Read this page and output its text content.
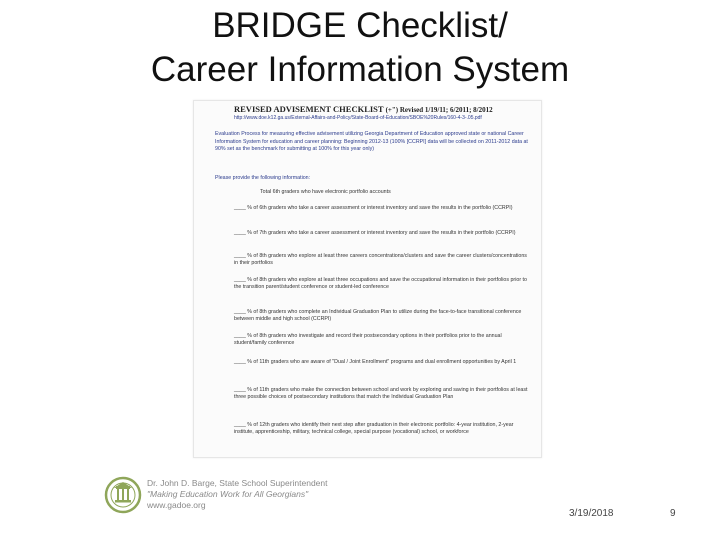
BRIDGE Checklist/
Career Information System
REVISED ADVISEMENT CHECKLIST (+") Revised 1/19/11; 6/2011; 8/2012
http://www.doe.k12.ga.us/External-Affairs-and-Policy/State-Board-of-Education/SBOE%20Rules/160-4-3-.05.pdf
Evaluation Process for measuring effective advisement utilizing Georgia Department of Education approved state or national Career Information System for education and career planning: Beginning 2012-13 (100% [CCRPI] data will be collected on 2011-2012 data at 90% set as the benchmark for submitting at 100% for this year only)
Please provide the following information:
Total 6th graders who have electronic portfolio accounts
____ % of 6th graders who take a career assessment or interest inventory and save the results in the portfolio (CCRPI)
____ % of 7th graders who take a career assessment or interest inventory and save the results in their portfolio (CCRPI)
____ % of 8th graders who explore at least three careers concentrations/clusters and save the career clusters/concentrations in their portfolios
____ % of 8th graders who explore at least three occupations and save the occupational information in their portfolios prior to the transition parent/student conference or student-led conference
____ % of 8th graders who complete an Individual Graduation Plan to utilize during the face-to-face transitional conference between middle and high school (CCRPI)
____ % of 8th graders who investigate and record their postsecondary options in their portfolios prior to the annual student/family conference
____ % of 11th graders who are aware of "Dual / Joint Enrollment" programs and dual enrollment opportunities by April 1
____ % of 11th graders who make the connection between school and work by exploring and saving in their portfolios at least three possible choices of postsecondary institutions that match the Individual Graduation Plan
____ % of 12th graders who identify their next step after graduation in their electronic portfolio: 4-year institution, 2-year institute, apprenticeship, military, technical college, special purpose (vocational) school, or workforce
Dr. John D. Barge, State School Superintendent
"Making Education Work for All Georgians"
www.gadoe.org
3/19/2018	9
